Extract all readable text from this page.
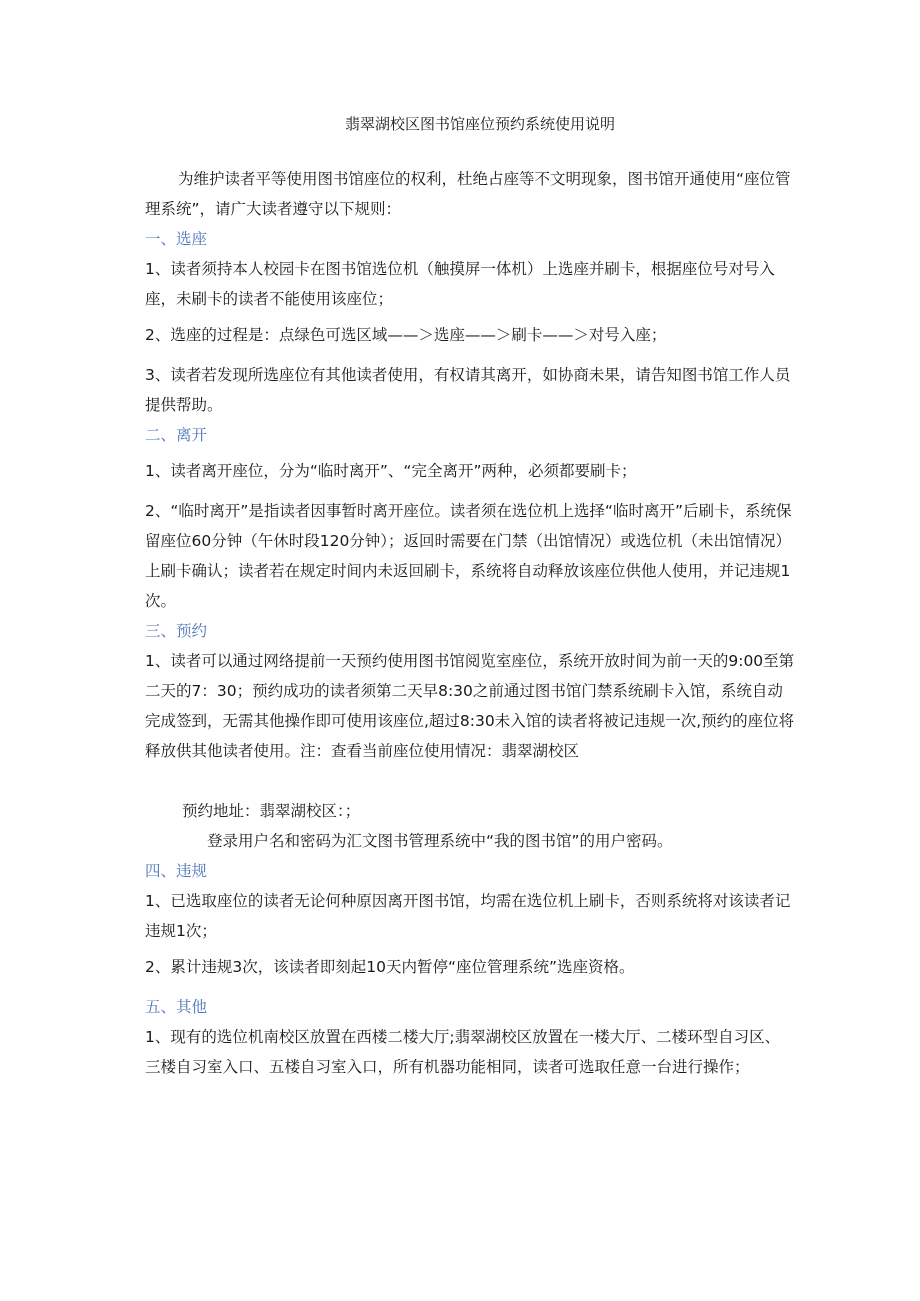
翡翠湖校区图书馆座位预约系统使用说明

为维护读者平等使用图书馆座位的权利，杜绝占座等不文明现象，图书馆开通使用“座位管理系统”，请广大读者遵守以下规则：

一、选座

1、读者须持本人校园卡在图书馆选位机（触摸屏一体机）上选座并刷卡，根据座位号对号入座，未刷卡的读者不能使用该座位；

2、选座的过程是：点绿色可选区域——＞选座——＞刷卡——＞对号入座；

3、读者若发现所选座位有其他读者使用，有权请其离开，如协商未果，请告知图书馆工作人员提供帮助。

二、离开

1、读者离开座位，分为“临时离开”、“完全离开”两种，必须都要刷卡；

2、“临时离开”是指读者因事暂时离开座位。读者须在选位机上选择“临时离开”后刷卡，系统保留座位60分钟（午休时段120分钟）；返回时需要在门禁（出馆情况）或选位机（未出馆情况）上刷卡确认；读者若在规定时间内未返回刷卡，系统将自动释放该座位供他人使用，并记违规1次。

三、预约

1、读者可以通过网络提前一天预约使用图书馆阅览室座位，系统开放时间为前一天的9:00至第二天的7：30；预约成功的读者须第二天早8:30之前通过图书馆门禁系统刷卡入馆，系统自动完成签到，无需其他操作即可使用该座位,超过8:30未入馆的读者将被记违规一次,预约的座位将释放供其他读者使用。注：查看当前座位使用情况：翡翠湖校区

预约地址：翡翠湖校区：；

登录用户名和密码为汇文图书管理系统中“我的图书馆”的用户密码。

四、违规

1、已选取座位的读者无论何种原因离开图书馆，均需在选位机上刷卡，否则系统将对该读者记违规1次；

2、累计违规3次，该读者即刻起10天内暂停“座位管理系统”选座资格。

五、其他

1、现有的选位机南校区放置在西楼二楼大厅;翡翠湖校区放置在一楼大厅、二楼环型自习区、三楼自习室入口、五楼自习室入口，所有机器功能相同，读者可选取任意一台进行操作；
